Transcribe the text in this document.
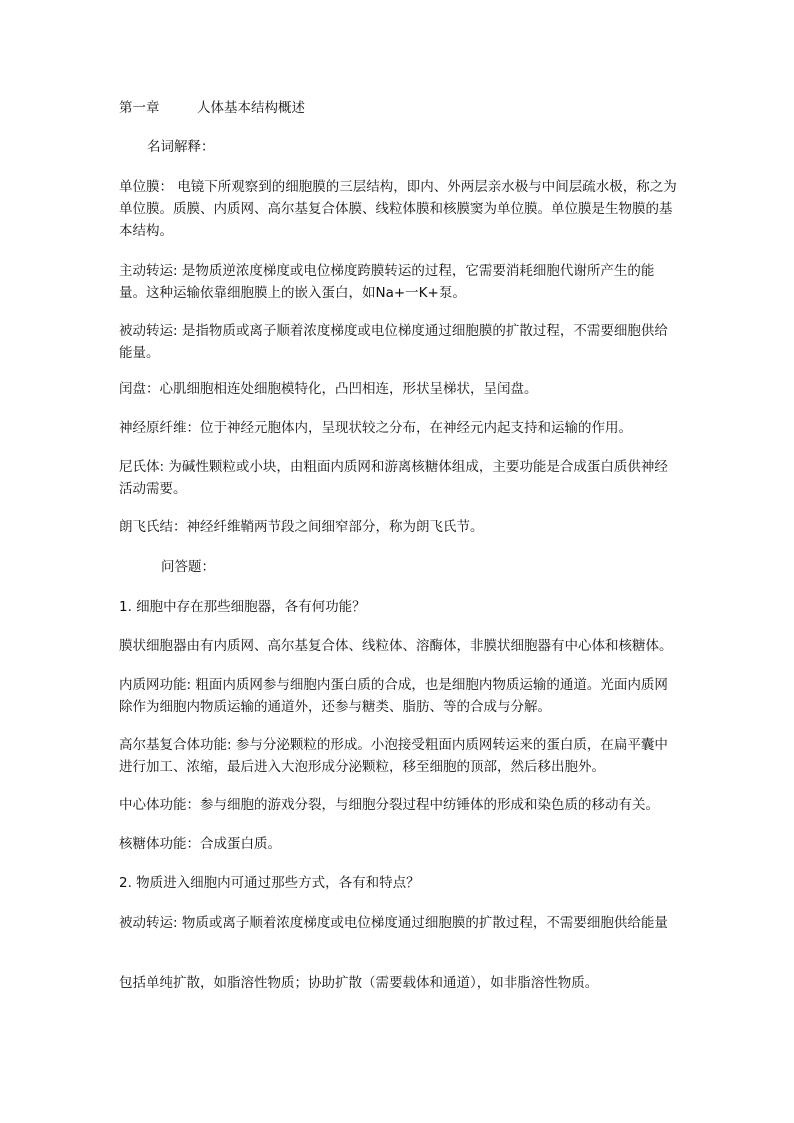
第一章	人体基本结构概述
名词解释：
单位膜： 电镜下所观察到的细胞膜的三层结构，即内、外两层亲水极与中间层疏水极，称之为单位膜。质膜、内质网、高尔基复合体膜、线粒体膜和核膜窦为单位膜。单位膜是生物膜的基本结构。
主动转运: 是物质逆浓度梯度或电位梯度跨膜转运的过程，它需要消耗细胞代谢所产生的能量。这种运输依靠细胞膜上的嵌入蛋白，如Na+一K+泵。
被动转运: 是指物质或离子顺着浓度梯度或电位梯度通过细胞膜的扩散过程，不需要细胞供给能量。
闰盘：心肌细胞相连处细胞模特化，凸凹相连，形状呈梯状，呈闰盘。
神经原纤维：位于神经元胞体内，呈现状较之分布，在神经元内起支持和运输的作用。
尼氏体: 为碱性颗粒或小块，由粗面内质网和游离核糖体组成，主要功能是合成蛋白质供神经活动需要。
朗飞氏结：神经纤维鞘两节段之间细窄部分，称为朗飞氏节。
问答题：
1. 细胞中存在那些细胞器，各有何功能？
膜状细胞器由有内质网、高尔基复合体、线粒体、溶酶体，非膜状细胞器有中心体和核糖体。
内质网功能: 粗面内质网参与细胞内蛋白质的合成，也是细胞内物质运输的通道。光面内质网除作为细胞内物质运输的通道外，还参与糖类、脂肪、等的合成与分解。
高尔基复合体功能: 参与分泌颗粒的形成。小泡接受粗面内质网转运来的蛋白质，在扁平囊中进行加工、浓缩，最后进入大泡形成分泌颗粒，移至细胞的顶部，然后移出胞外。
中心体功能：参与细胞的游戏分裂，与细胞分裂过程中纺锤体的形成和染色质的移动有关。
核糖体功能：合成蛋白质。
2. 物质进入细胞内可通过那些方式，各有和特点？
被动转运: 物质或离子顺着浓度梯度或电位梯度通过细胞膜的扩散过程，不需要细胞供给能量
包括单纯扩散，如脂溶性物质；协助扩散（需要载体和通道），如非脂溶性物质。
